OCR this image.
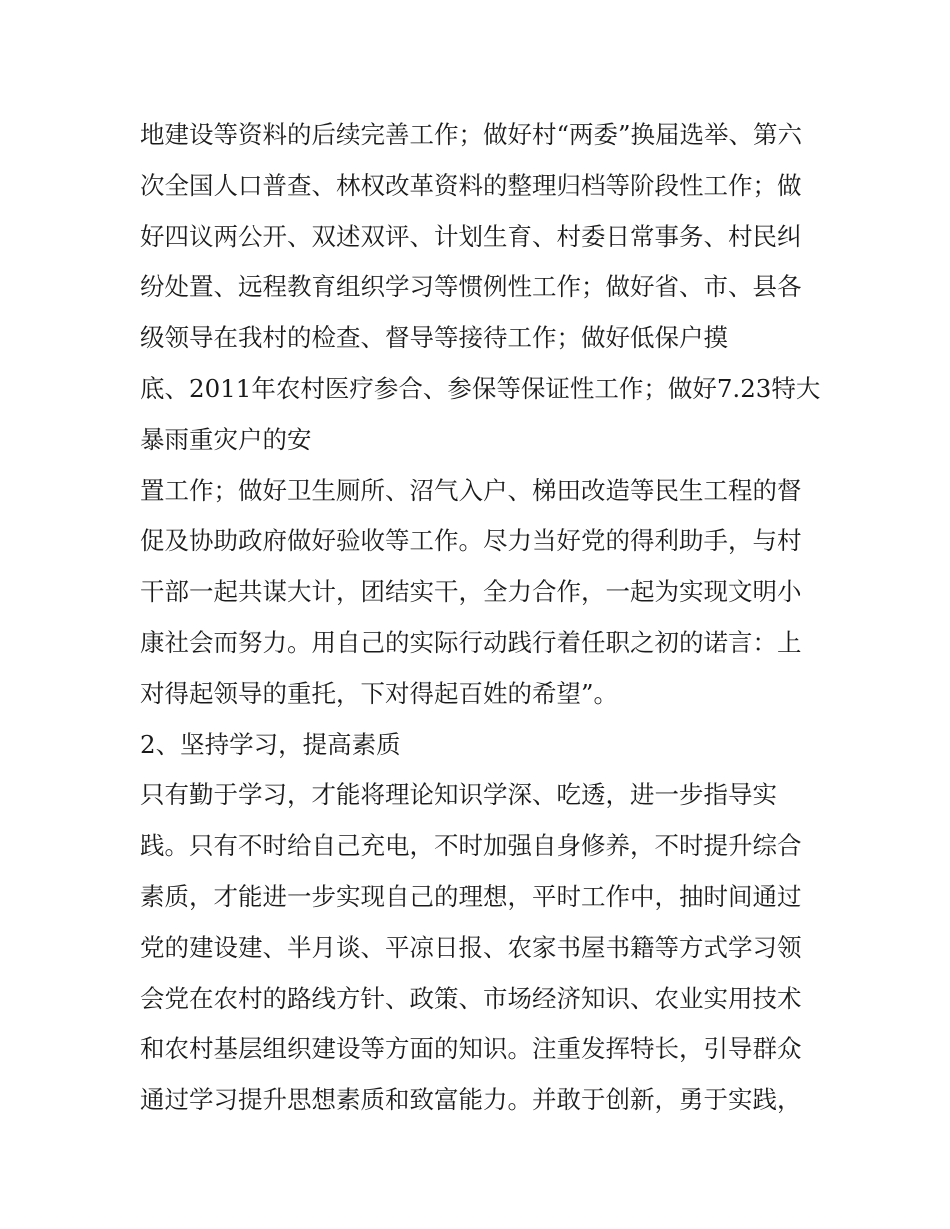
地建设等资料的后续完善工作；做好村“两委”换届选举、第六
次全国人口普查、林权改革资料的整理归档等阶段性工作；做
好四议两公开、双述双评、计划生育、村委日常事务、村民纠
纷处置、远程教育组织学习等惯例性工作；做好省、市、县各
级领导在我村的检查、督导等接待工作；做好低保户摸
底、2011年农村医疗参合、参保等保证性工作；做好7.23特大
暴雨重灾户的安
置工作；做好卫生厕所、沼气入户、梯田改造等民生工程的督
促及协助政府做好验收等工作。尽力当好党的得利助手，与村
干部一起共谋大计，团结实干，全力合作，一起为实现文明小
康社会而努力。用自己的实际行动践行着任职之初的诺言：上
对得起领导的重托，下对得起百姓的希望”。
2、坚持学习，提高素质
只有勤于学习，才能将理论知识学深、吃透，进一步指导实
践。只有不时给自己充电，不时加强自身修养，不时提升综合
素质，才能进一步实现自己的理想，平时工作中，抽时间通过
党的建设建、半月谈、平凉日报、农家书屋书籍等方式学习领
会党在农村的路线方针、政策、市场经济知识、农业实用技术
和农村基层组织建设等方面的知识。注重发挥特长，引导群众
通过学习提升思想素质和致富能力。并敢于创新，勇于实践，
